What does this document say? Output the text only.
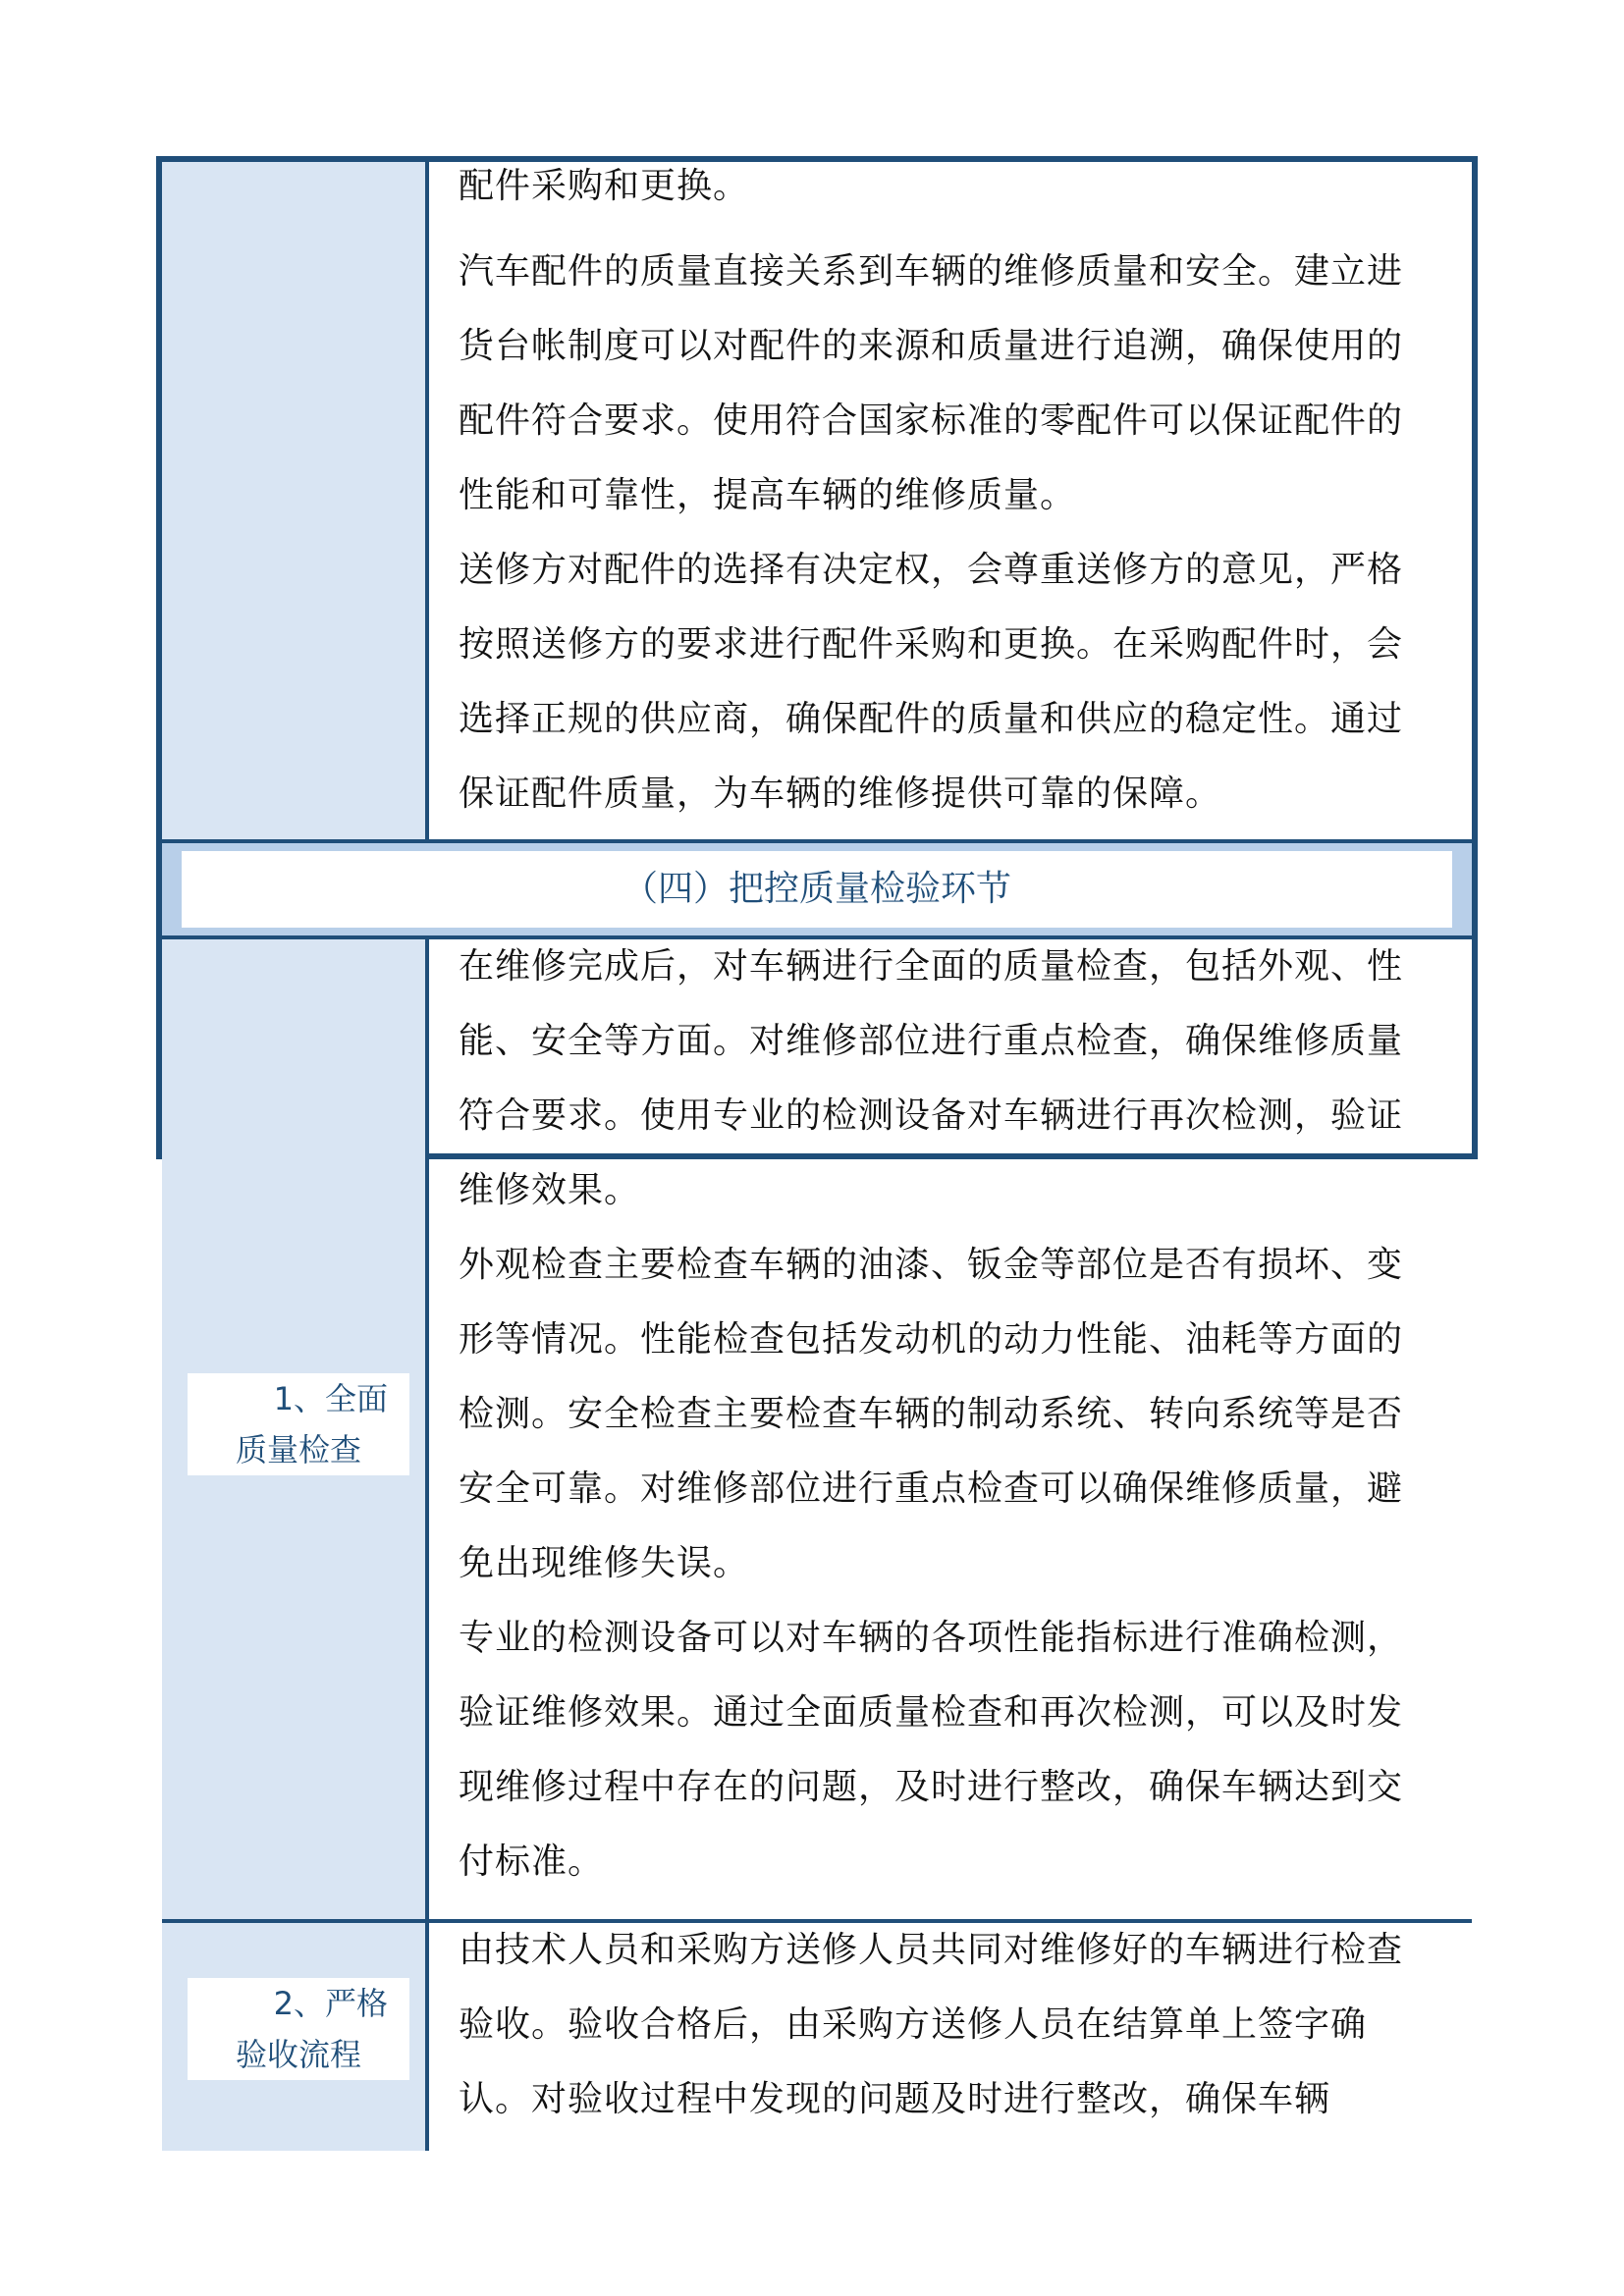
配件采购和更换。

汽车配件的质量直接关系到车辆的维修质量和安全。建立进货台帐制度可以对配件的来源和质量进行追溯，确保使用的配件符合要求。使用符合国家标准的零配件可以保证配件的性能和可靠性，提高车辆的维修质量。

送修方对配件的选择有决定权，会尊重送修方的意见，严格按照送修方的要求进行配件采购和更换。在采购配件时，会选择正规的供应商，确保配件的质量和供应的稳定性。通过保证配件质量，为车辆的维修提供可靠的保障。

（四）把控质量检验环节
1、全面
质量检查

在维修完成后，对车辆进行全面的质量检查，包括外观、性能、安全等方面。对维修部位进行重点检查，确保维修质量符合要求。使用专业的检测设备对车辆进行再次检测，验证维修效果。

外观检查主要检查车辆的油漆、钣金等部位是否有损坏、变形等情况。性能检查包括发动机的动力性能、油耗等方面的检测。安全检查主要检查车辆的制动系统、转向系统等是否安全可靠。对维修部位进行重点检查可以确保维修质量，避免出现维修失误。

专业的检测设备可以对车辆的各项性能指标进行准确检测，验证维修效果。通过全面质量检查和再次检测，可以及时发现维修过程中存在的问题，及时进行整改，确保车辆达到交付标准。

2、严格
验收流程

由技术人员和采购方送修人员共同对维修好的车辆进行检查验收。验收合格后，由采购方送修人员在结算单上签字确认。对验收过程中发现的问题及时进行整改，确保车辆
